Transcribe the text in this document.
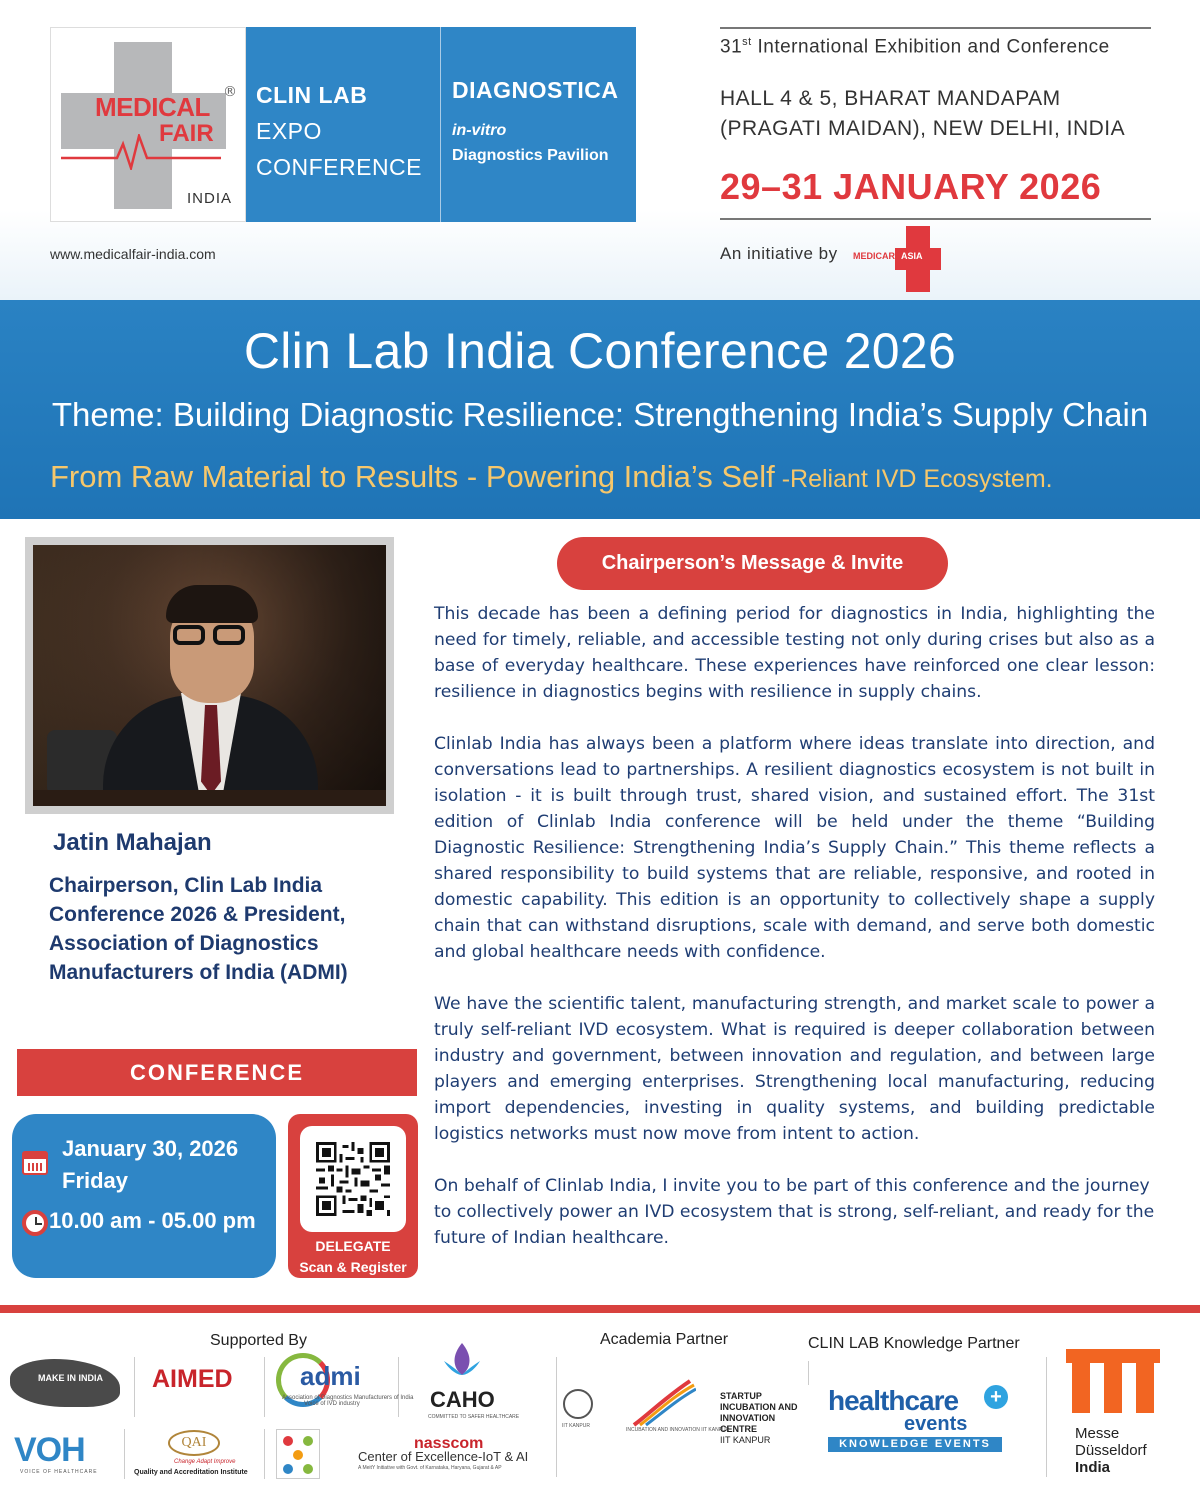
MEDICAL
FAIR
®
INDIA
CLIN LAB
EXPO
CONFERENCE
DIAGNOSTICA
in-vitro
Diagnostics Pavilion
www.medicalfair-india.com
31st International Exhibition and Conference
HALL 4 & 5, BHARAT MANDAPAM
(PRAGATI MAIDAN), NEW DELHI, INDIA
29–31 JANUARY 2026
An initiative by MEDICAREASIA
Clin Lab India Conference 2026
Theme: Building Diagnostic Resilience: Strengthening India’s Supply Chain
From Raw Material to Results - Powering India’s Self -Reliant IVD Ecosystem.
Jatin Mahajan
Chairperson, Clin Lab India Conference 2026 & President, Association of Diagnostics Manufacturers of India (ADMI)
CONFERENCE
January 30, 2026
Friday
10.00 am - 05.00 pm
DELEGATE
Scan & Register
Chairperson’s Message & Invite

This decade has been a defining period for diagnostics in India, highlighting the need for timely, reliable, and accessible testing not only during crises but also as a base of everyday healthcare. These experiences have reinforced one clear lesson: resilience in diagnostics begins with resilience in supply chains.

Clinlab India has always been a platform where ideas translate into direction, and conversations lead to partnerships. A resilient diagnostics ecosystem is not built in isolation - it is built through trust, shared vision, and sustained effort. The 31st edition of Clinlab India conference will be held under the theme “Building Diagnostic Resilience: Strengthening India’s Supply Chain.” This theme reflects a shared responsibility to build systems that are reliable, responsive, and rooted in domestic capability. This edition is an opportunity to collectively shape a supply chain that can withstand disruptions, scale with demand, and serve both domestic and global healthcare needs with confidence.

We have the scientific talent, manufacturing strength, and market scale to power a truly self-reliant IVD ecosystem. What is required is deeper collaboration between industry and government, between innovation and regulation, and between large players and emerging enterprises. Strengthening local manufacturing, reducing import dependencies, investing in quality systems, and building predictable logistics networks must now move from intent to action.

On behalf of Clinlab India, I invite you to be part of this conference and the journey to collectively power an IVD ecosystem that is strong, self-reliant, and ready for the future of Indian healthcare.

Supported By	Academia Partner	CLIN LAB Knowledge Partner
MAKE IN INDIA AIMED	admi
Association of Diagnostics Manufacturers of India
Voice of IVD industry	CAHO
COMMITTED TO SAFER HEALTHCARE
VOH
VOICE OF HEALTHCARE
QAI
Change Adapt Improve
Quality and Accreditation Institute
nasscom
Center of Excellence-IoT & AI
A MeitY Initiative with Govt. of Karnataka, Haryana, Gujarat & AP
IIT KANPUR
INCUBATION AND INNOVATION IIT KANPUR
STARTUP
INCUBATION AND
INNOVATION
CENTRE
IIT KANPUR
healthcare
events
+
KNOWLEDGE EVENTS
Messe
Düsseldorf
India
